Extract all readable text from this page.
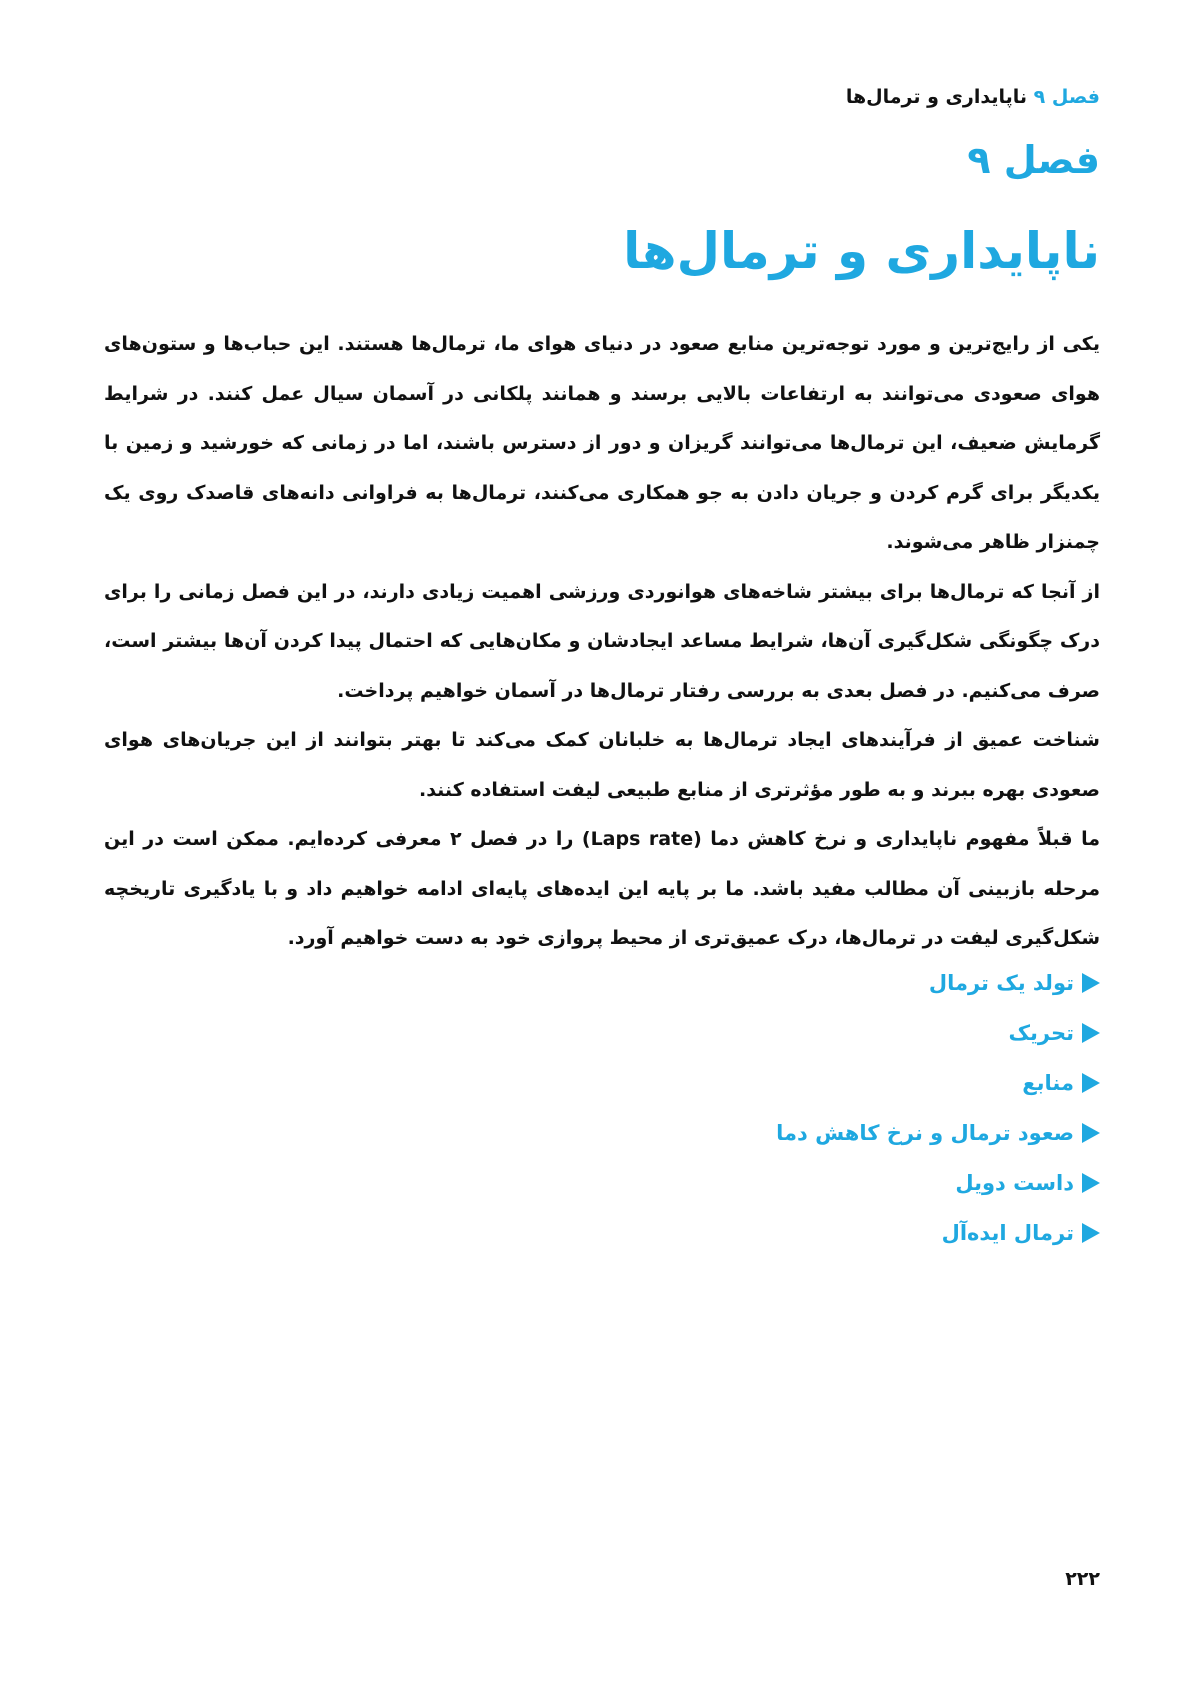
فصل ۹ ناپایداری و ترمال‌ها
فصل ۹
ناپایداری و ترمال‌ها

یکی از رایج‌ترین و مورد توجه‌ترین منابع صعود در دنیای هوای ما، ترمال‌ها هستند. این حباب‌ها و ستون‌های هوای صعودی می‌توانند به ارتفاعات بالایی برسند و همانند پلکانی در آسمان سیال عمل کنند. در شرایط گرمایش ضعیف، این ترمال‌ها می‌توانند گریزان و دور از دسترس باشند، اما در زمانی که خورشید و زمین با یکدیگر برای گرم کردن و جریان دادن به جو همکاری می‌کنند، ترمال‌ها به فراوانی دانه‌های قاصدک روی یک چمنزار ظاهر می‌شوند.

از آنجا که ترمال‌ها برای بیشتر شاخه‌های هوانوردی ورزشی اهمیت زیادی دارند، در این فصل زمانی را برای درک چگونگی شکل‌گیری آن‌ها، شرایط مساعد ایجادشان و مکان‌هایی که احتمال پیدا کردن آن‌ها بیشتر است، صرف می‌کنیم. در فصل بعدی به بررسی رفتار ترمال‌ها در آسمان خواهیم پرداخت.

شناخت عمیق از فرآیندهای ایجاد ترمال‌ها به خلبانان کمک می‌کند تا بهتر بتوانند از این جریان‌های هوای صعودی بهره ببرند و به طور مؤثرتری از منابع طبیعی لیفت استفاده کنند.

ما قبلاً مفهوم ناپایداری و نرخ کاهش دما (Laps rate) را در فصل ۲ معرفی کرده‌ایم. ممکن است در این مرحله بازبینی آن مطالب مفید باشد. ما بر پایه این ایده‌های پایه‌ای ادامه خواهیم داد و با یادگیری تاریخچه شکل‌گیری لیفت در ترمال‌ها، درک عمیق‌تری از محیط پروازی خود به دست خواهیم آورد.

تولد یک ترمال
تحریک
منابع
صعود ترمال و نرخ کاهش دما
داست دویل
ترمال ایده‌آل
۲۲۲
